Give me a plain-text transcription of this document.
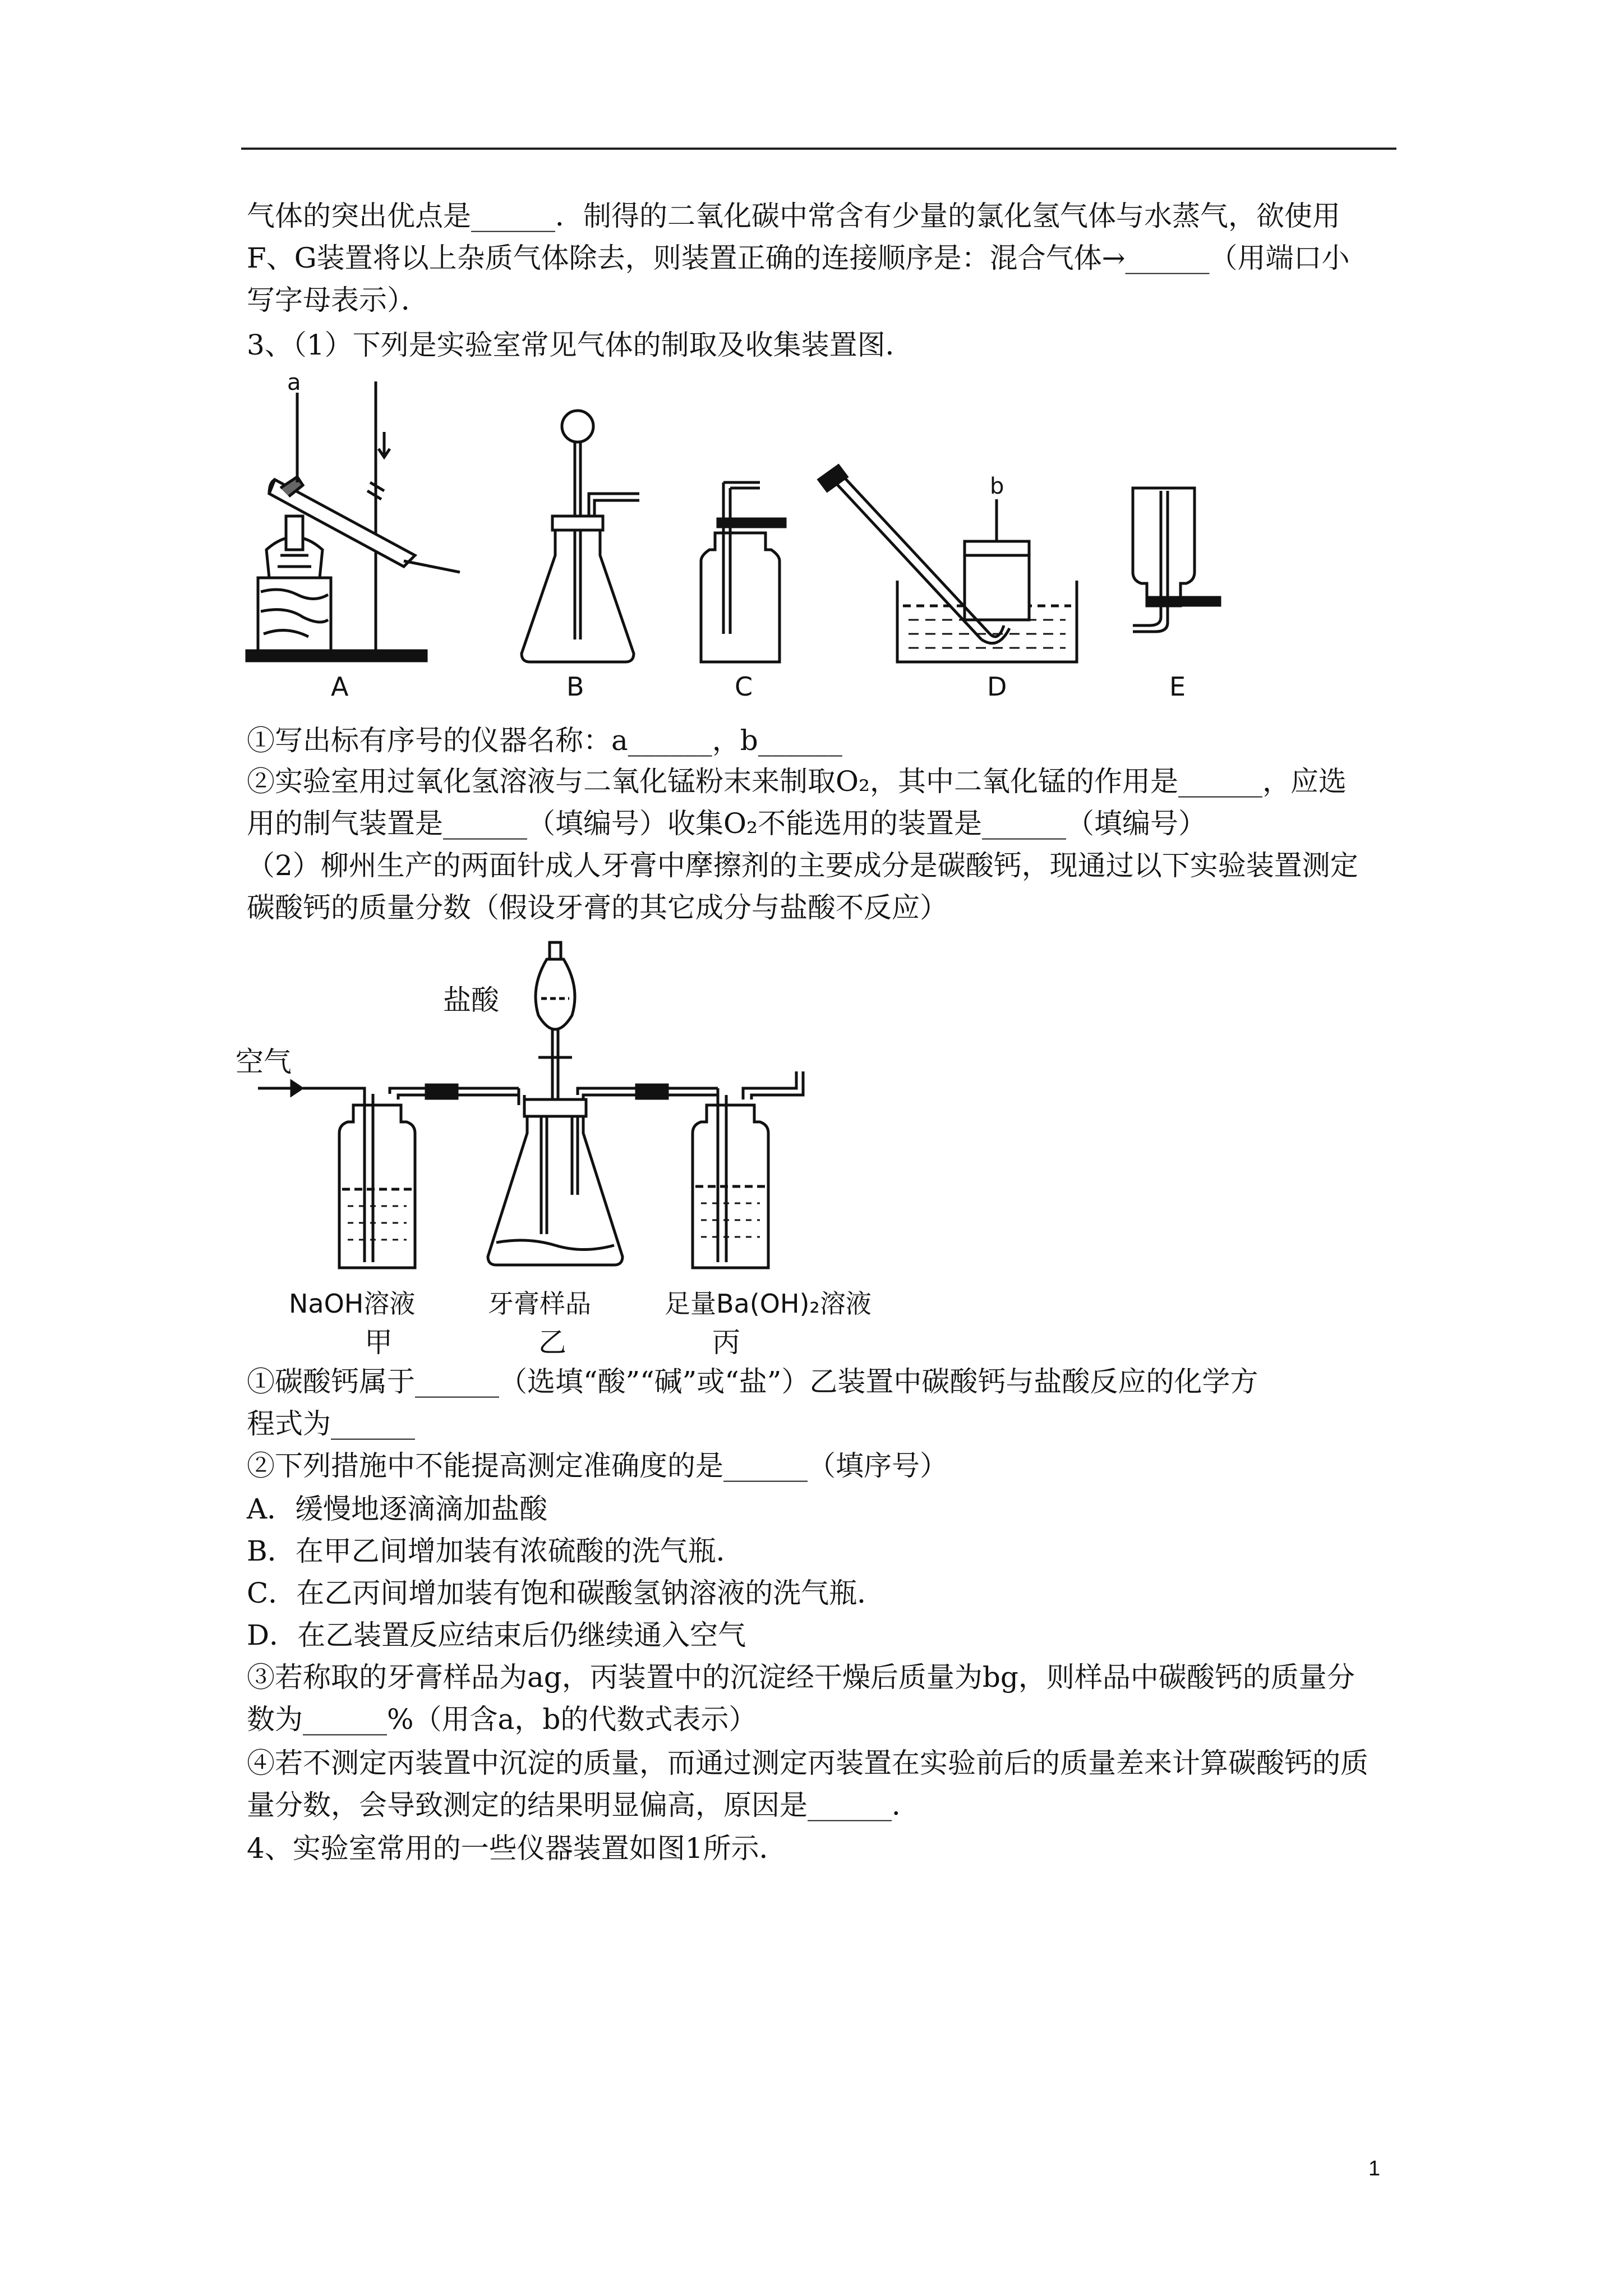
气体的突出优点是______．制得的二氧化碳中常含有少量的氯化氢气体与水蒸气，欲使用
F、G装置将以上杂质气体除去，则装置正确的连接顺序是：混合气体→______（用端口小
写字母表示）．
3、（1）下列是实验室常见气体的制取及收集装置图．
A	B	C	D	E
a
b
①写出标有序号的仪器名称：a______，b______
②实验室用过氧化氢溶液与二氧化锰粉末来制取O₂，其中二氧化锰的作用是______，应选
用的制气装置是______（填编号）收集O₂不能选用的装置是______（填编号）
（2）柳州生产的两面针成人牙膏中摩擦剂的主要成分是碳酸钙，现通过以下实验装置测定
碳酸钙的质量分数（假设牙膏的其它成分与盐酸不反应）
空气
盐酸
NaOH溶液	牙膏样品	足量Ba(OH)₂溶液
甲	乙	丙
①碳酸钙属于______（选填“酸”“碱”或“盐”）乙装置中碳酸钙与盐酸反应的化学方
程式为______
②下列措施中不能提高测定准确度的是______（填序号）
A．缓慢地逐滴滴加盐酸
B．在甲乙间增加装有浓硫酸的洗气瓶．
C．在乙丙间增加装有饱和碳酸氢钠溶液的洗气瓶．
D．在乙装置反应结束后仍继续通入空气
③若称取的牙膏样品为ag，丙装置中的沉淀经干燥后质量为bg，则样品中碳酸钙的质量分
数为______%（用含a，b的代数式表示）
④若不测定丙装置中沉淀的质量，而通过测定丙装置在实验前后的质量差来计算碳酸钙的质
量分数，会导致测定的结果明显偏高，原因是______．
4、实验室常用的一些仪器装置如图1所示．
1
